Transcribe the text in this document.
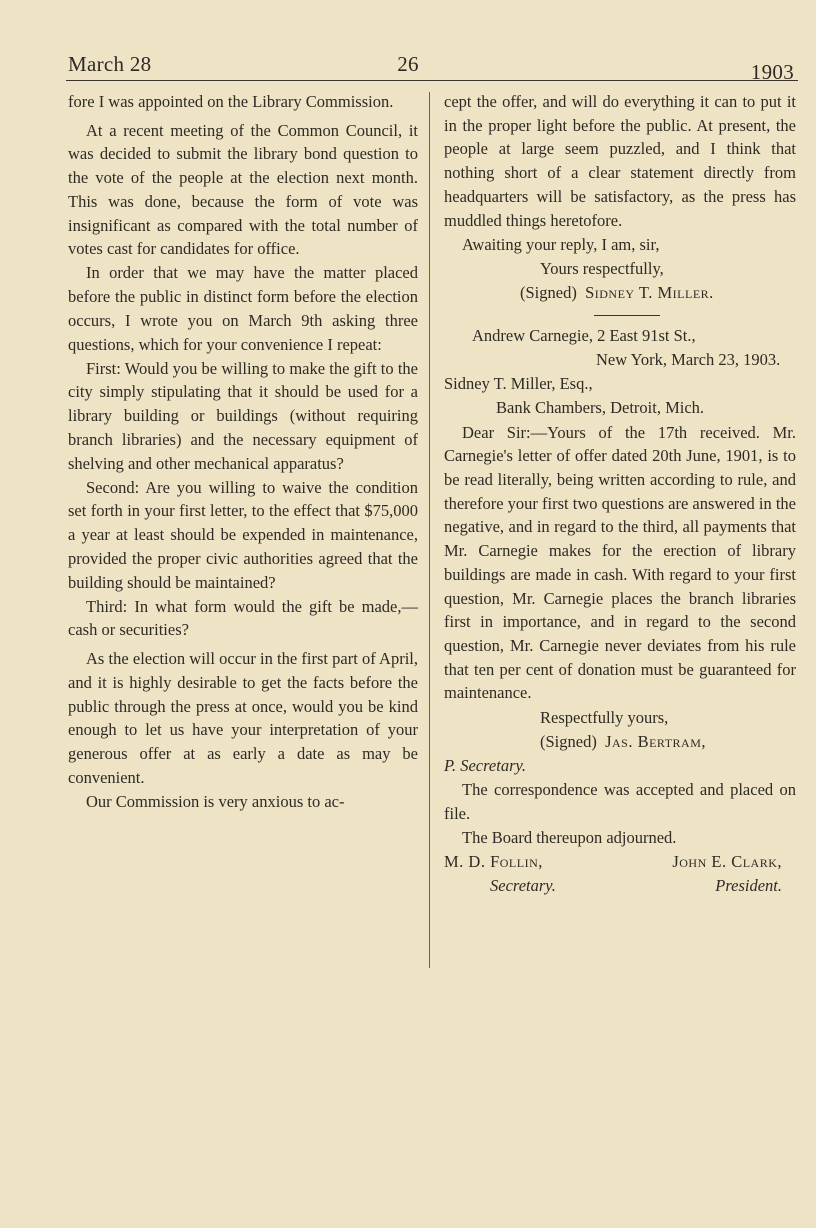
March 28	26	1903

fore I was appointed on the Library Commission.

At a recent meeting of the Common Council, it was decided to submit the library bond question to the vote of the people at the election next month. This was done, because the form of vote was insignificant as compared with the total number of votes cast for candidates for office.

In order that we may have the matter placed before the public in distinct form before the election occurs, I wrote you on March 9th asking three questions, which for your convenience I repeat:

First: Would you be willing to make the gift to the city simply stipulating that it should be used for a library building or buildings (without requiring branch libraries) and the necessary equipment of shelving and other mechanical apparatus?

Second: Are you willing to waive the condition set forth in your first letter, to the effect that $75,000 a year at least should be expended in maintenance, provided the proper civic authorities agreed that the building should be maintained?

Third: In what form would the gift be made,—cash or securities?

As the election will occur in the first part of April, and it is highly desirable to get the facts before the public through the press at once, would you be kind enough to let us have your interpretation of your generous offer at as early a date as may be convenient.

Our Commission is very anxious to ac-

cept the offer, and will do everything it can to put it in the proper light before the public. At present, the people at large seem puzzled, and I think that nothing short of a clear statement directly from headquarters will be satisfactory, as the press has muddled things heretofore.

Awaiting your reply, I am, sir,

Yours respectfully,

(Signed) Sidney T. Miller.

Andrew Carnegie, 2 East 91st St.,

New York, March 23, 1903.

Sidney T. Miller, Esq.,

Bank Chambers, Detroit, Mich.

Dear Sir:—Yours of the 17th received. Mr. Carnegie's letter of offer dated 20th June, 1901, is to be read literally, being written according to rule, and therefore your first two questions are answered in the negative, and in regard to the third, all payments that Mr. Carnegie makes for the erection of library buildings are made in cash. With regard to your first question, Mr. Carnegie places the branch libraries first in importance, and in regard to the second question, Mr. Carnegie never deviates from his rule that ten per cent of donation must be guaranteed for maintenance.

Respectfully yours,

(Signed) Jas. Bertram,

P. Secretary.

The correspondence was accepted and placed on file.

The Board thereupon adjourned.

M. D. Follin,	John E. Clark,
Secretary.	President.
